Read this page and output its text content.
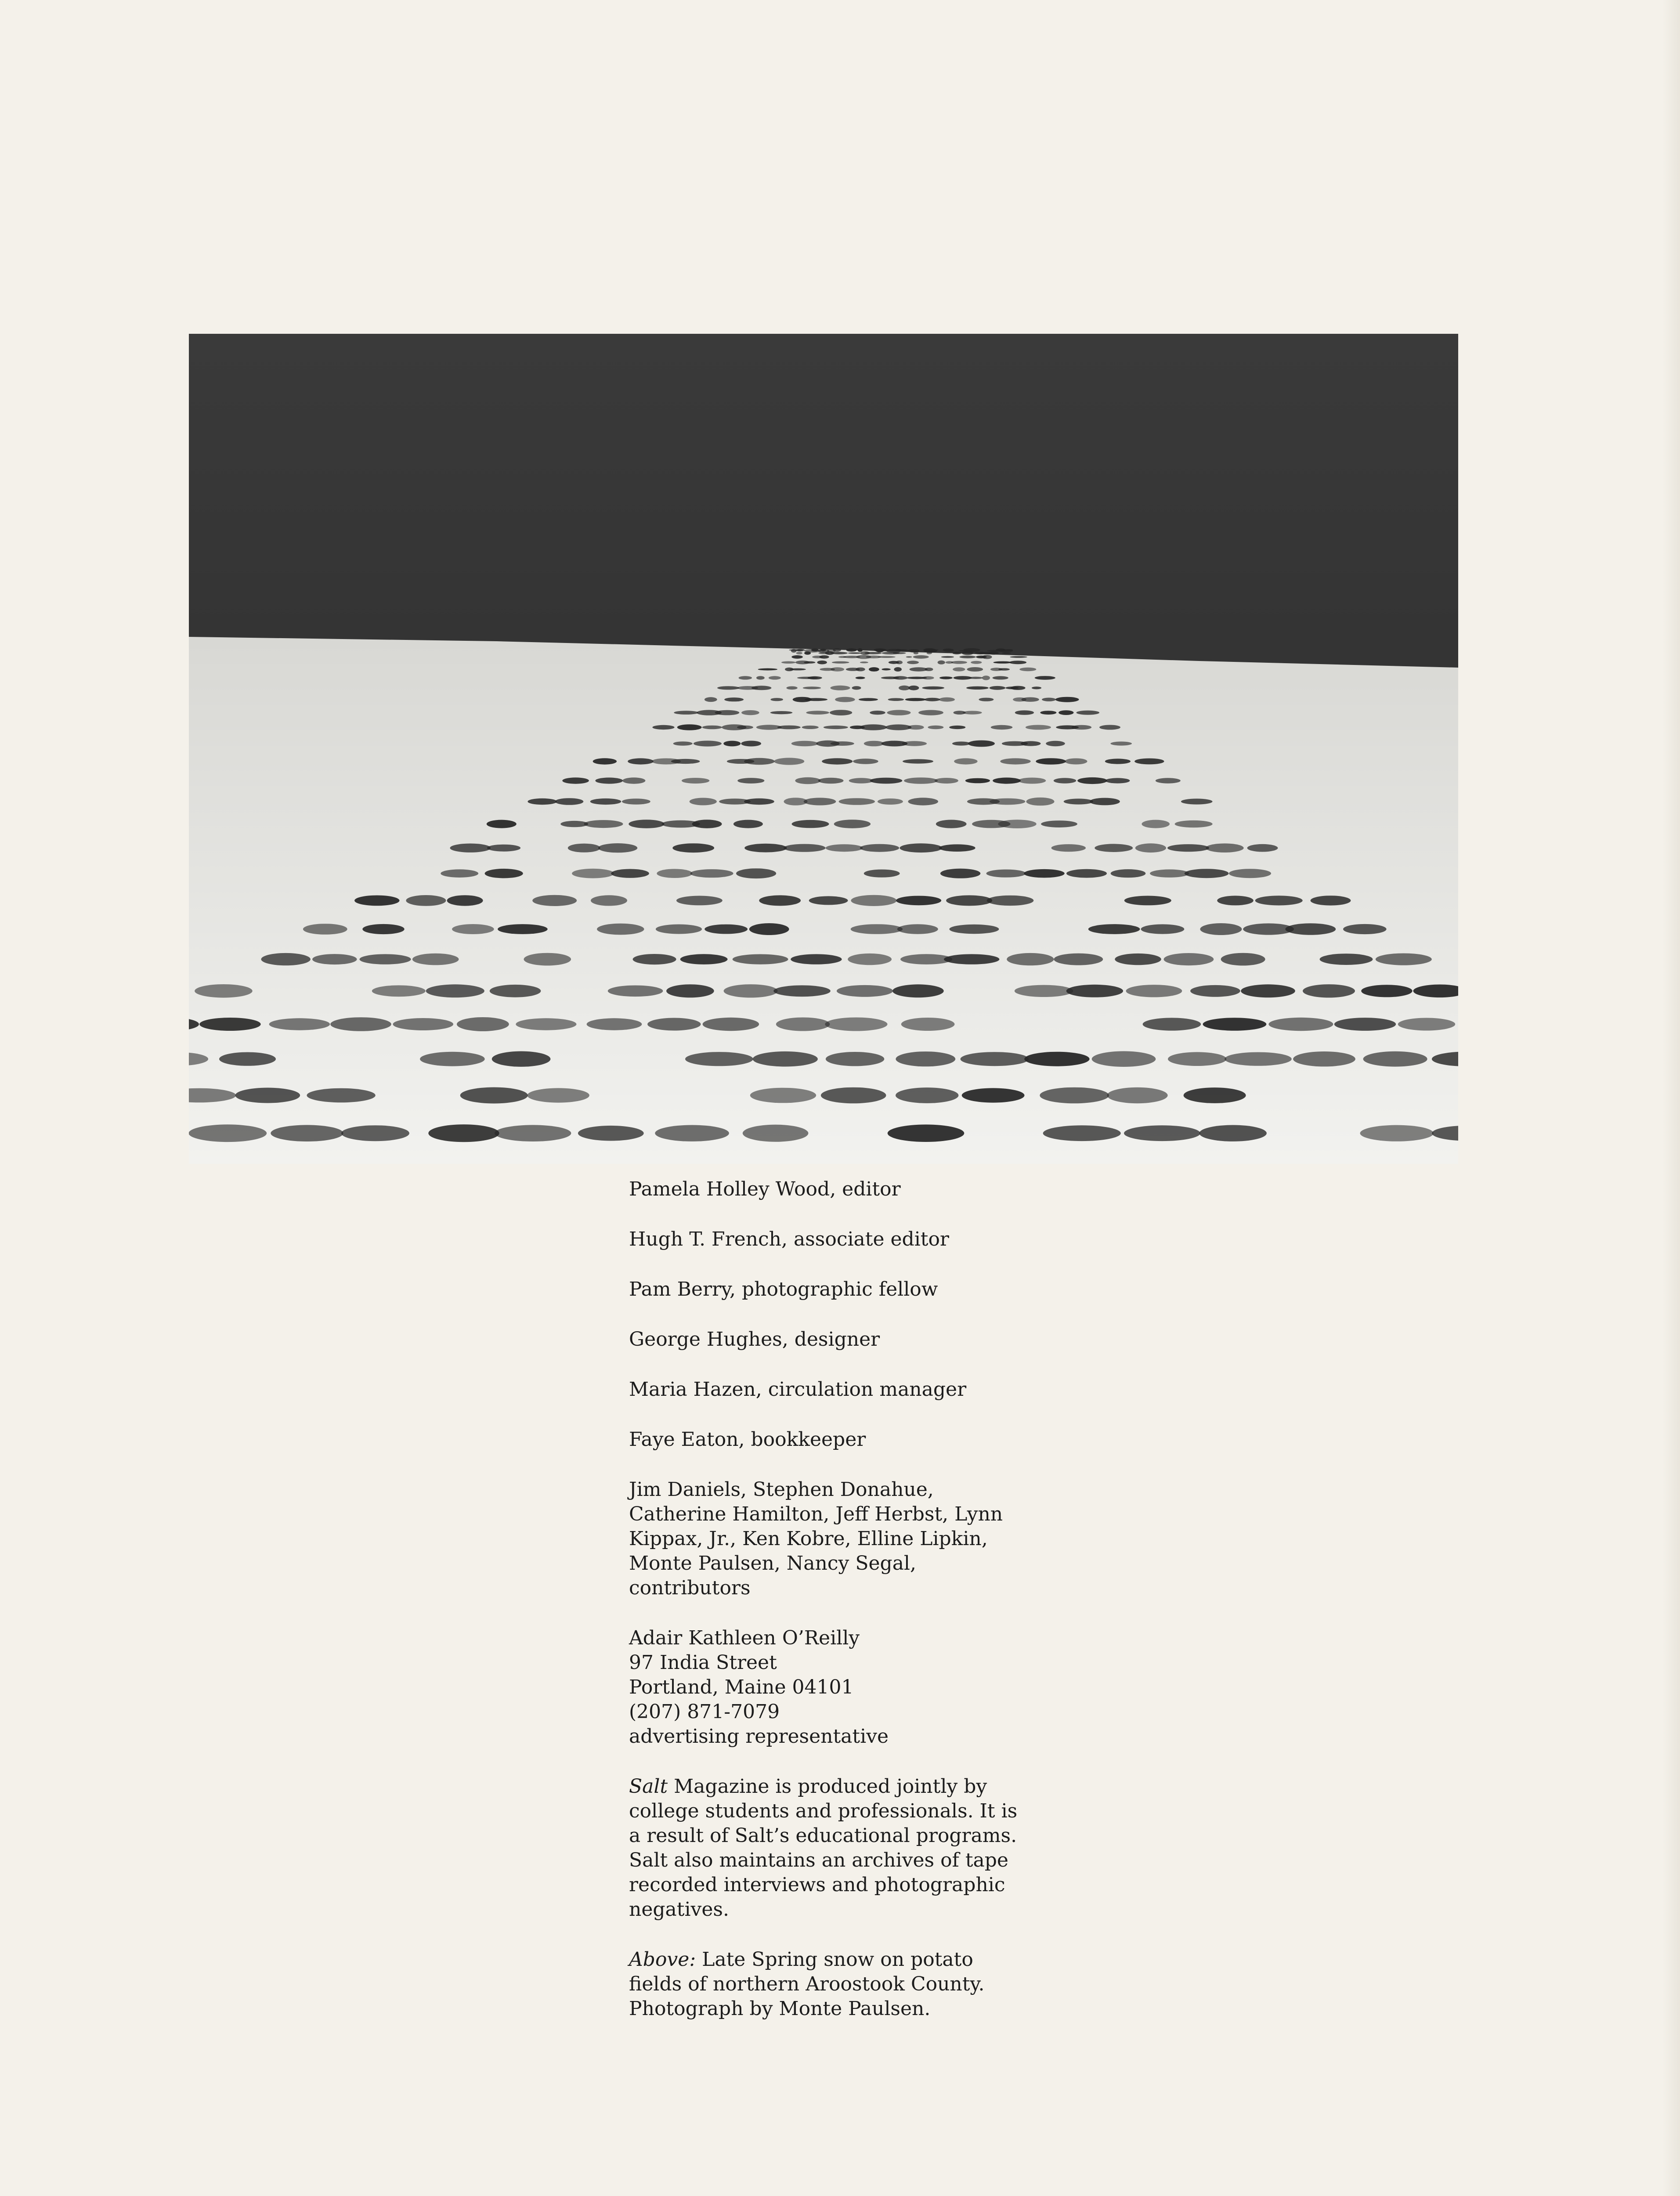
Pamela Holley Wood, editor
Hugh T. French, associate editor
Pam Berry, photographic fellow
George Hughes, designer
Maria Hazen, circulation manager
Faye Eaton, bookkeeper
Jim Daniels, Stephen Donahue,
Catherine Hamilton, Jeff Herbst, Lynn
Kippax, Jr., Ken Kobre, Elline Lipkin,
Monte Paulsen, Nancy Segal,
contributors
Adair Kathleen O’Reilly
97 India Street
Portland, Maine 04101
(207) 871-7079
advertising representative
Salt Magazine is produced jointly by
college students and professionals. It is
a result of Salt’s educational programs.
Salt also maintains an archives of tape
recorded interviews and photographic
negatives.
Above: Late Spring snow on potato
fields of northern Aroostook County.
Photograph by Monte Paulsen.
